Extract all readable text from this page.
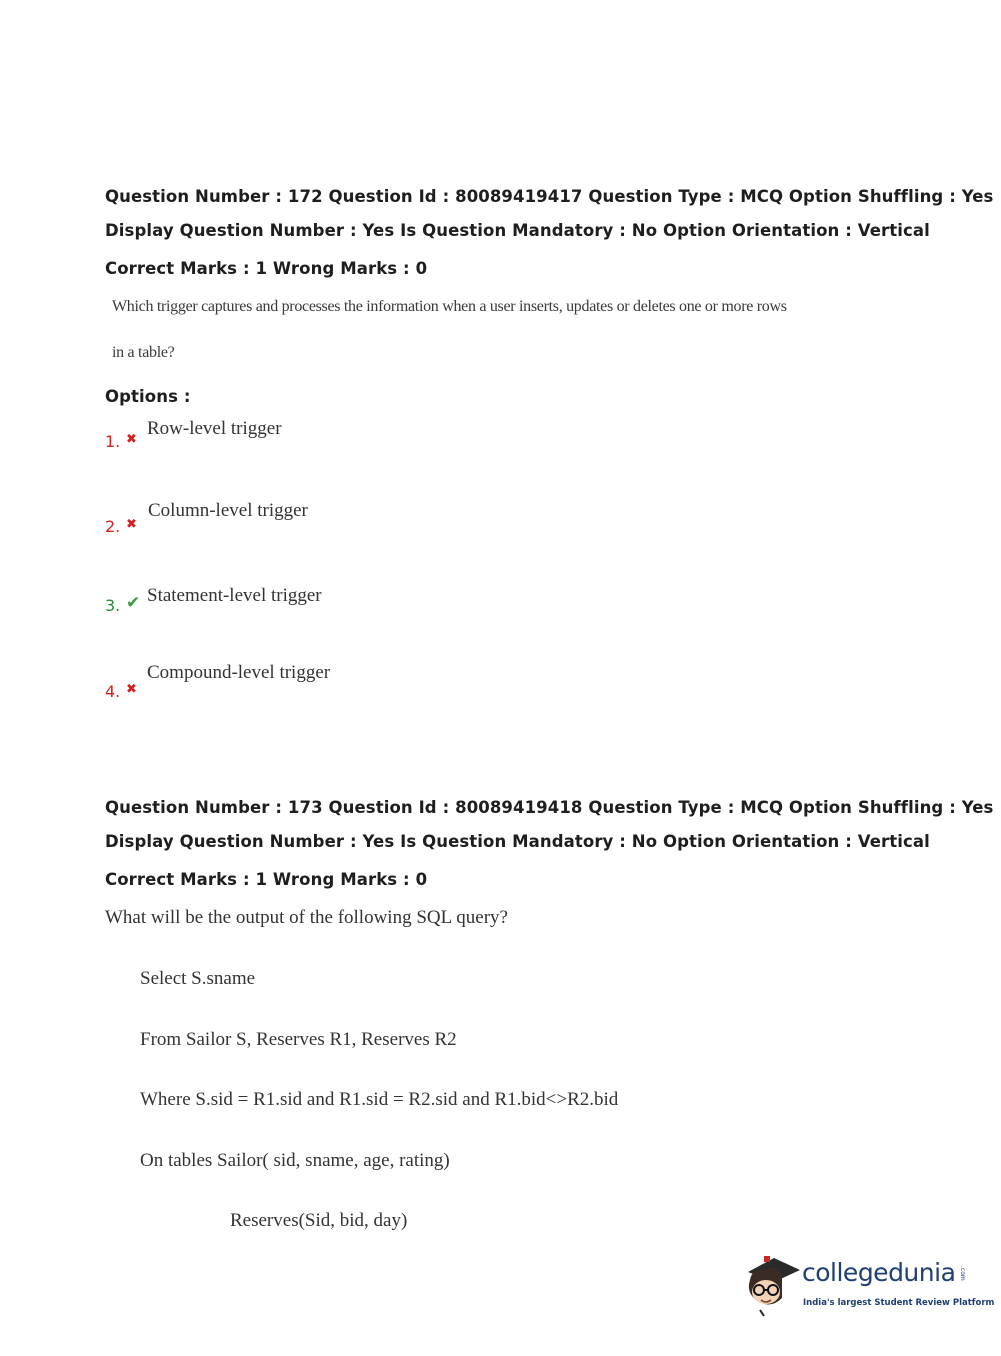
Question Number : 172 Question Id : 80089419417 Question Type : MCQ Option Shuffling : Yes
Display Question Number : Yes Is Question Mandatory : No Option Orientation : Vertical
Correct Marks : 1 Wrong Marks : 0
Which trigger captures and processes the information when a user inserts, updates or deletes one or more rows
in a table?
Options :
1. ✖
Row-level trigger
2. ✖
Column-level trigger
3. ✔ Statement-level trigger
4. ✖
Compound-level trigger
Question Number : 173 Question Id : 80089419418 Question Type : MCQ Option Shuffling : Yes
Display Question Number : Yes Is Question Mandatory : No Option Orientation : Vertical
Correct Marks : 1 Wrong Marks : 0
What will be the output of the following SQL query?
Select S.sname
From Sailor S, Reserves R1, Reserves R2
Where S.sid = R1.sid and R1.sid = R2.sid and R1.bid<>R2.bid
On tables Sailor( sid, sname, age, rating)
Reserves(Sid, bid, day)
collegedunia .com
India's largest Student Review Platform
